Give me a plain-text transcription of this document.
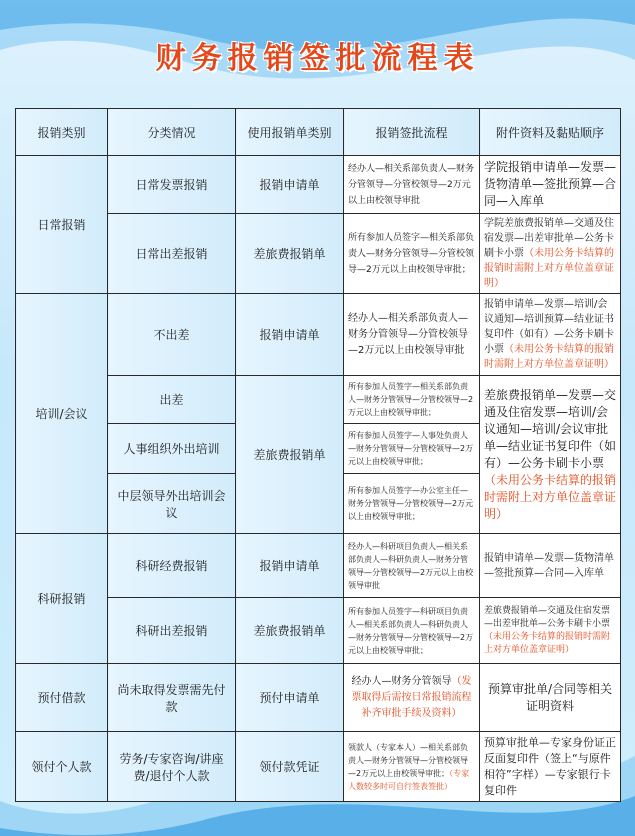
财务报销签批流程表
报销类别	分类情况	使用报销单类别	报销签批流程	附件资料及黏贴顺序
日常报销	日常发票报销	报销申请单	经办人—相关系部负责人—财务分管领导—分管校领导—2万元以上由校领导审批	学院报销申请单—发票—货物清单—签批预算—合同—入库单
	日常出差报销	差旅费报销单	所有参加人员签字—相关系部负责人—财务分管领导—分管校领导—2万元以上由校领导审批；	学院差旅费报销单—交通及住宿发票—出差审批单—公务卡刷卡小票（未用公务卡结算的报销时需附上对方单位盖章证明）
培训/会议	不出差	报销申请单	经办人—相关系部负责人—财务分管领导—分管校领导—2万元以上由校领导审批	报销申请单—发票—培训/会议通知—培训预算—结业证书复印件（如有）—公务卡刷卡小票（未用公务卡结算的报销时需附上对方单位盖章证明）
	出差	差旅费报销单	所有参加人员签字—相关系部负责人—财务分管领导—分管校领导—2万元以上由校领导审批；	差旅费报销单—发票—交通及住宿发票—培训/会议通知—培训/会议审批单—结业证书复印件（如有）—公务卡刷卡小票（未用公务卡结算的报销时需附上对方单位盖章证明）
	人事组织外出培训		所有参加人员签字—人事处负责人—财务分管领导—分管校领导—2万元以上由校领导审批；	
	中层领导外出培训会议		所有参加人员签字—办公室主任—财务分管领导—分管校领导—2万元以上由校领导审批；	
科研报销	科研经费报销	报销申请单	经办人—科研项目负责人—相关系部负责人—科研负责人—财务分管领导—分管校领导—2万元以上由校领导审批	报销申请单—发票—货物清单—签批预算—合同—入库单
	科研出差报销	差旅费报销单	所有参加人员签字—科研项目负责人—相关系部负责人—科研负责人—财务分管领导—分管校领导—2万元以上由校领导审批；	差旅费报销单—交通及住宿发票—出差审批单—公务卡刷卡小票（未用公务卡结算的报销时需附上对方单位盖章证明）
预付借款	尚未取得发票需先付款	预付申请单	经办人—财务分管领导（发票取得后需按日常报销流程补齐审批手续及资料）	预算审批单/合同等相关证明资料
领付个人款	劳务/专家咨询/讲座费/退付个人款	领付款凭证	领款人（专家本人）—相关系部负责人—财务分管领导—分管校领导—2万元以上由校领导审批；（专家人数较多时可自行签表签批）	预算审批单—专家身份证正反面复印件（签上“与原件相符”字样）—专家银行卡复印件
